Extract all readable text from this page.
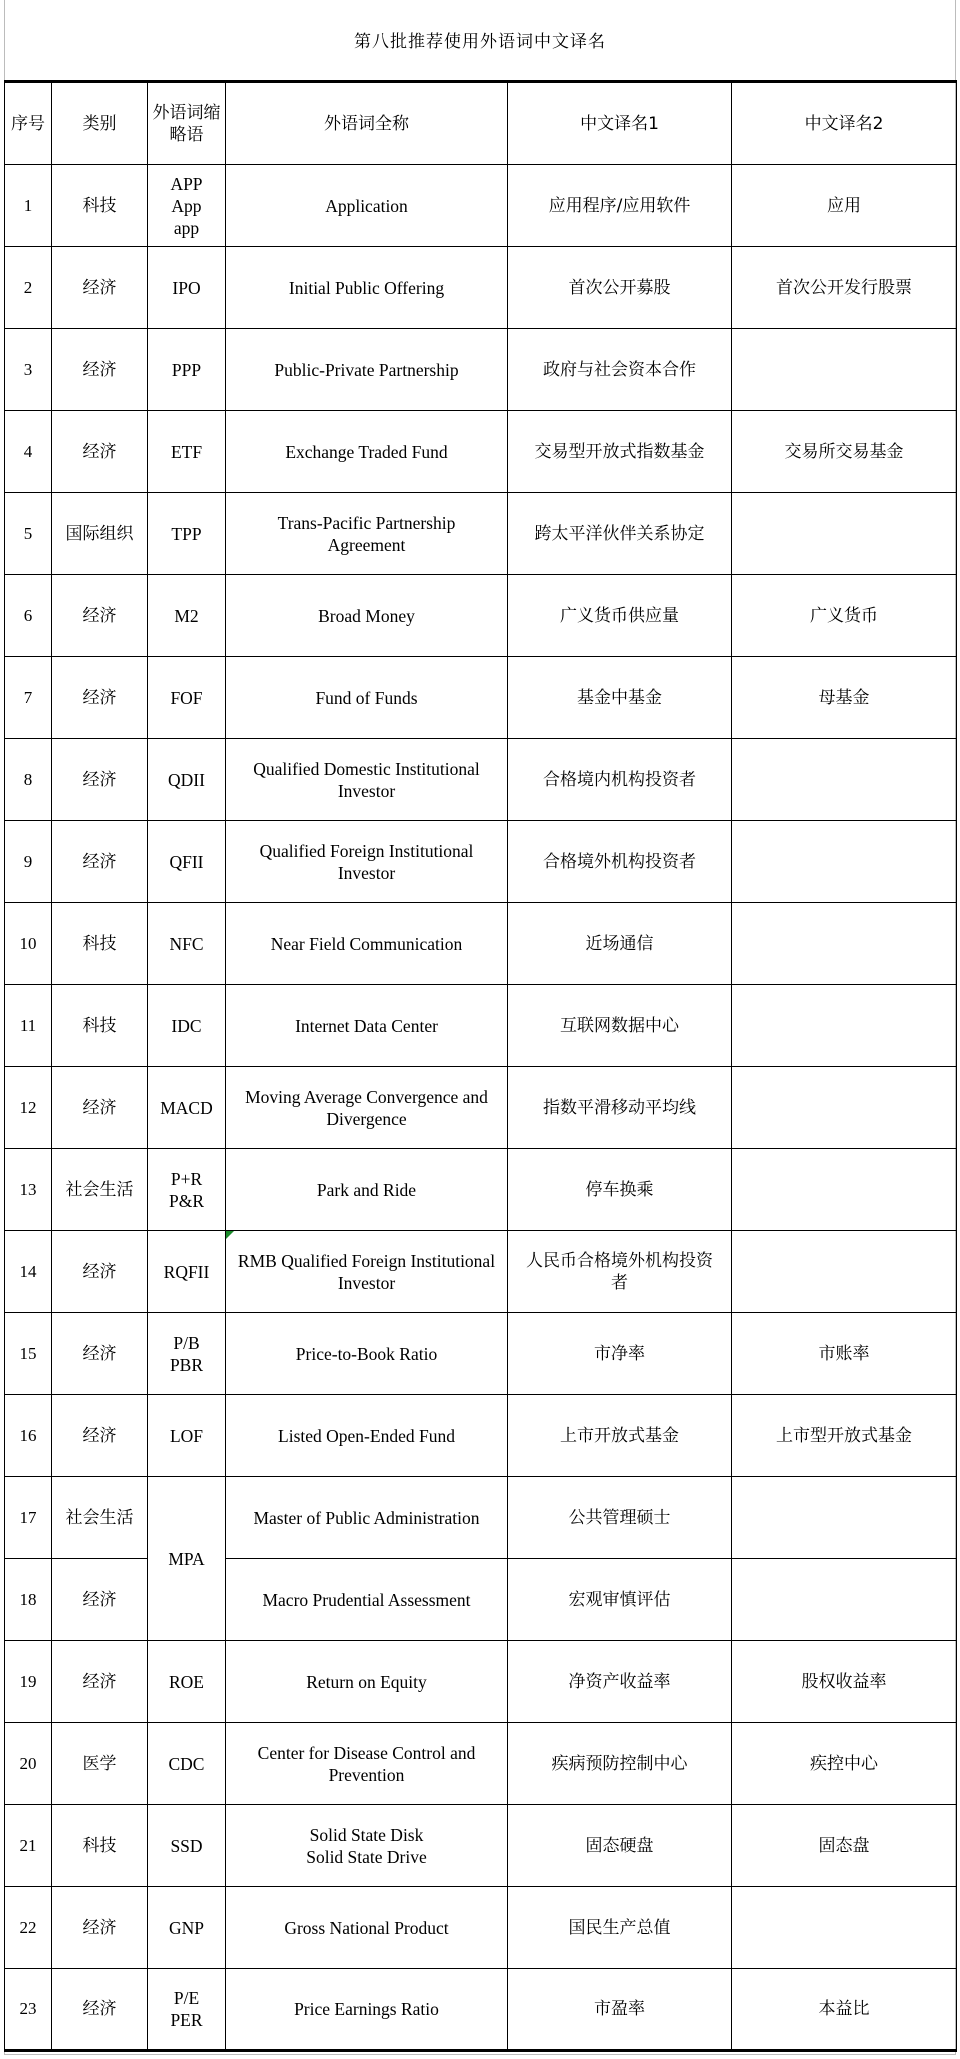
第八批推荐使用外语词中文译名
序号	类别	外语词缩略语	外语词全称	中文译名1	中文译名2
1	科技	APP
App
app	Application	应用程序/应用软件	应用
2	经济	IPO	Initial Public Offering	首次公开募股	首次公开发行股票
3	经济	PPP	Public-Private Partnership	政府与社会资本合作	

4	经济	ETF	Exchange Traded Fund	交易型开放式指数基金	交易所交易基金
5	国际组织	TPP	Trans-Pacific Partnership
Agreement	跨太平洋伙伴关系协定	

6	经济	M2	Broad Money	广义货币供应量	广义货币
7	经济	FOF	Fund of Funds	基金中基金	母基金
8	经济	QDII	Qualified Domestic Institutional
Investor	合格境内机构投资者	

9	经济	QFII	Qualified Foreign Institutional
Investor	合格境外机构投资者	

10	科技	NFC	Near Field Communication	近场通信	

11	科技	IDC	Internet Data Center	互联网数据中心	

12	经济	MACD	Moving Average Convergence and
Divergence	指数平滑移动平均线	

13	社会生活	P+R
P&R	Park and Ride	停车换乘	

14	经济	RQFII	RMB Qualified Foreign Institutional
Investor	人民币合格境外机构投资
者	

15	经济	P/B
PBR	Price-to-Book Ratio	市净率	市账率
16	经济	LOF	Listed Open-Ended Fund	上市开放式基金	上市型开放式基金
17	社会生活	MPA	Master of Public Administration	公共管理硕士	

18	经济		Macro Prudential Assessment	宏观审慎评估	

19	经济	ROE	Return on Equity	净资产收益率	股权收益率
20	医学	CDC	Center for Disease Control and
Prevention	疾病预防控制中心	疾控中心
21	科技	SSD	Solid State Disk
Solid State Drive	固态硬盘	固态盘
22	经济	GNP	Gross National Product	国民生产总值	

23	经济	P/E
PER	Price Earnings Ratio	市盈率	本益比
